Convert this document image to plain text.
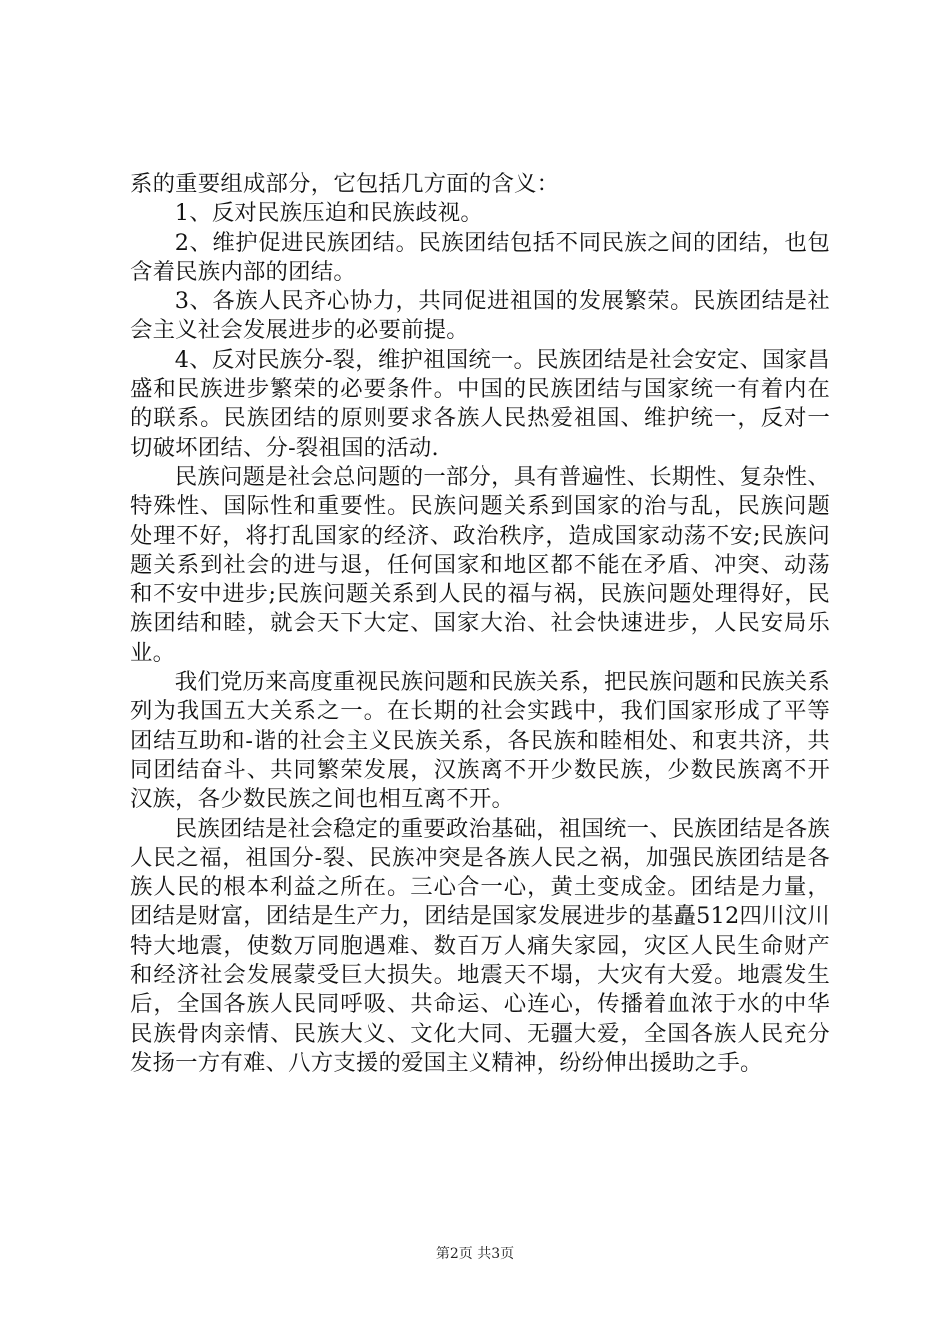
系的重要组成部分，它包括几方面的含义：

1、反对民族压迫和民族歧视。

2、维护促进民族团结。民族团结包括不同民族之间的团结，也包含着民族内部的团结。

3、各族人民齐心协力，共同促进祖国的发展繁荣。民族团结是社会主义社会发展进步的必要前提。

4、反对民族分-裂，维护祖国统一。民族团结是社会安定、国家昌盛和民族进步繁荣的必要条件。中国的民族团结与国家统一有着内在的联系。民族团结的原则要求各族人民热爱祖国、维护统一，反对一切破坏团结、分-裂祖国的活动.

民族问题是社会总问题的一部分，具有普遍性、长期性、复杂性、特殊性、国际性和重要性。民族问题关系到国家的治与乱，民族问题处理不好，将打乱国家的经济、政治秩序，造成国家动荡不安;民族问题关系到社会的进与退，任何国家和地区都不能在矛盾、冲突、动荡和不安中进步;民族问题关系到人民的福与祸，民族问题处理得好，民族团结和睦，就会天下大定、国家大治、社会快速进步，人民安局乐业。

我们党历来高度重视民族问题和民族关系，把民族问题和民族关系列为我国五大关系之一。在长期的社会实践中，我们国家形成了平等团结互助和-谐的社会主义民族关系，各民族和睦相处、和衷共济，共同团结奋斗、共同繁荣发展，汉族离不开少数民族，少数民族离不开汉族，各少数民族之间也相互离不开。

民族团结是社会稳定的重要政治基础，祖国统一、民族团结是各族人民之福，祖国分-裂、民族冲突是各族人民之祸，加强民族团结是各族人民的根本利益之所在。三心合一心，黄土变成金。团结是力量，团结是财富，团结是生产力，团结是国家发展进步的基矗512四川汶川特大地震，使数万同胞遇难、数百万人痛失家园，灾区人民生命财产和经济社会发展蒙受巨大损失。地震天不塌，大灾有大爱。地震发生后，全国各族人民同呼吸、共命运、心连心，传播着血浓于水的中华民族骨肉亲情、民族大义、文化大同、无疆大爱，全国各族人民充分发扬一方有难、八方支援的爱国主义精神，纷纷伸出援助之手。

第2页 共3页
